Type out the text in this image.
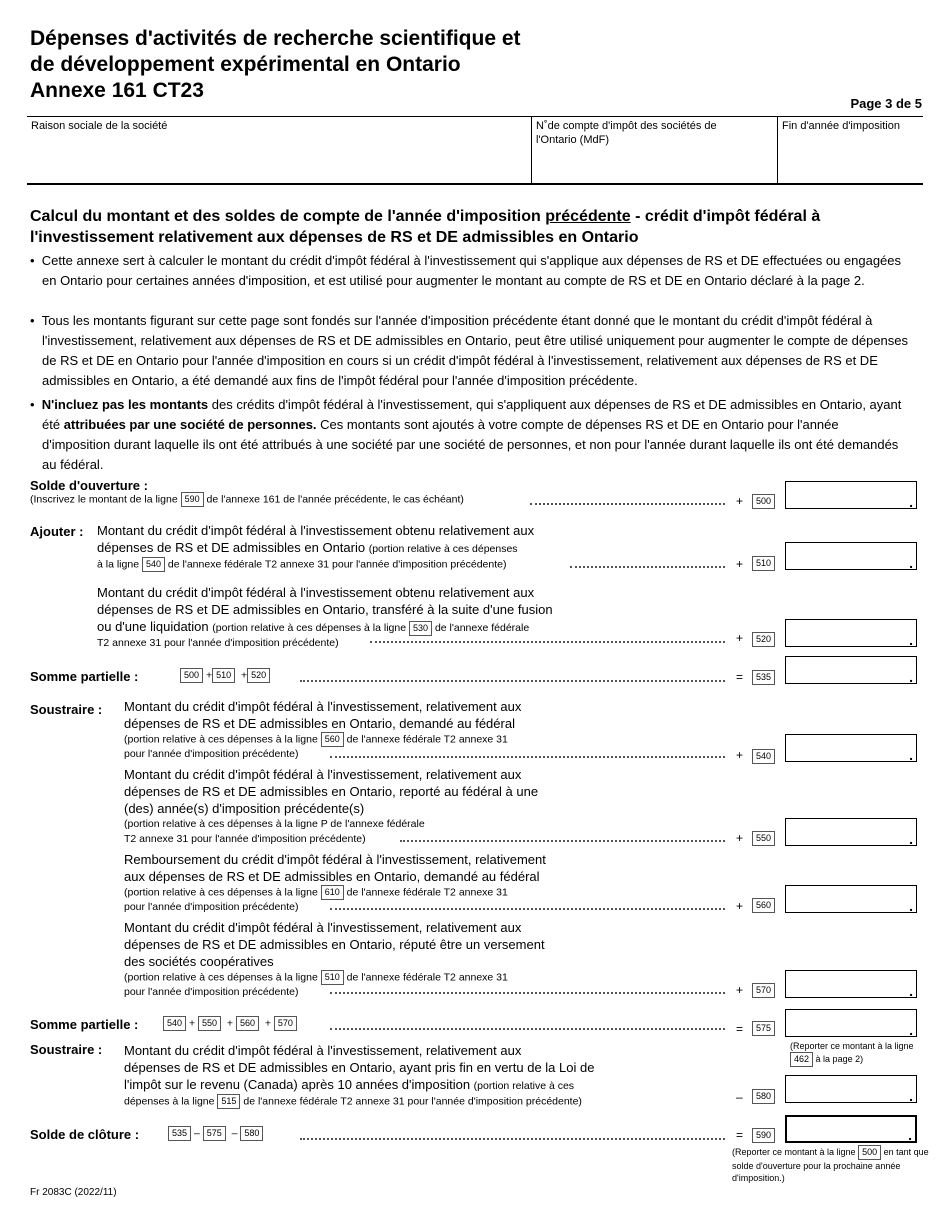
Dépenses d'activités de recherche scientifique et
de développement expérimental en Ontario
Annexe 161 CT23
Page 3 de 5
Raison sociale de la société	N˚de compte d'impôt des sociétés de l'Ontario (MdF)
Fin d'année d'imposition
Calcul du montant et des soldes de compte de l'année d'imposition précédente - crédit d'impôt fédéral à l'investissement relativement aux dépenses de RS et DE admissibles en Ontario
•  Cette annexe sert à calculer le montant du crédit d'impôt fédéral à l'investissement qui s'applique aux dépenses de RS et DE effectuées ou engagées en Ontario pour certaines années d'imposition, et est utilisé pour augmenter le montant au compte de RS et DE en Ontario déclaré à la page 2.
•  Tous les montants figurant sur cette page sont fondés sur l'année d'imposition précédente étant donné que le montant du crédit d'impôt fédéral à l'investissement, relativement aux dépenses de RS et DE admissibles en Ontario, peut être utilisé uniquement pour augmenter le compte de dépenses de RS et DE en Ontario pour l'année d'imposition en cours si un crédit d'impôt fédéral à l'investissement, relativement aux dépenses de RS et DE admissibles en Ontario, a été demandé aux fins de l'impôt fédéral pour l'année d'imposition précédente.
•  N'incluez pas les montants des crédits d'impôt fédéral à l'investissement, qui s'appliquent aux dépenses de RS et DE admissibles en Ontario, ayant été attribuées par une société de personnes. Ces montants sont ajoutés à votre compte de dépenses RS et DE en Ontario pour l'année d'imposition durant laquelle ils ont été attribués à une société par une société de personnes, et non pour l'année durant laquelle ils ont été demandés au fédéral.
Solde d'ouverture :
(Inscrivez le montant de la ligne 590 de l'annexe 161 de l'année précédente, le cas échéant)	+	500
.
Ajouter : Montant du crédit d'impôt fédéral à l'investissement obtenu relativement aux
dépenses de RS et DE admissibles en Ontario (portion relative à ces dépenses
à la ligne 540 de l'annexe fédérale T2 annexe 31 pour l'année d'imposition précédente)	+	510
.
Montant du crédit d'impôt fédéral à l'investissement obtenu relativement aux
dépenses de RS et DE admissibles en Ontario, transféré à la suite d'une fusion
ou d'une liquidation (portion relative à ces dépenses à la ligne 530 de l'annexe fédérale
T2 annexe 31 pour l'année d'imposition précédente)	+	520
.
Somme partielle :	500 + 510 + 520	=	535
.
Soustraire : Montant du crédit d'impôt fédéral à l'investissement, relativement aux
dépenses de RS et DE admissibles en Ontario, demandé au fédéral
(portion relative à ces dépenses à la ligne 560 de l'annexe fédérale T2 annexe 31
pour l'année d'imposition précédente)	+	540
.
Montant du crédit d'impôt fédéral à l'investissement, relativement aux
dépenses de RS et DE admissibles en Ontario, reporté au fédéral à une
(des) année(s) d'imposition précédente(s)
(portion relative à ces dépenses à la ligne P de l'annexe fédérale
T2 annexe 31 pour l'année d'imposition précédente)	+	550
.
Remboursement du crédit d'impôt fédéral à l'investissement, relativement
aux dépenses de RS et DE admissibles en Ontario, demandé au fédéral
(portion relative à ces dépenses à la ligne 610 de l'annexe fédérale T2 annexe 31
pour l'année d'imposition précédente)	+	560
.
Montant du crédit d'impôt fédéral à l'investissement, relativement aux
dépenses de RS et DE admissibles en Ontario, réputé être un versement
des sociétés coopératives
(portion relative à ces dépenses à la ligne 510 de l'annexe fédérale T2 annexe 31
pour l'année d'imposition précédente)	+	570
.
Somme partielle :	540 + 550 + 560 + 570	=	575
.
(Reporter ce montant à la ligne
462 à la page 2)
Soustraire : Montant du crédit d'impôt fédéral à l'investissement, relativement aux
dépenses de RS et DE admissibles en Ontario, ayant pris fin en vertu de la Loi de
l'impôt sur le revenu (Canada) après 10 années d'imposition (portion relative à ces
dépenses à la ligne 515 de l'annexe fédérale T2 annexe 31 pour l'année d'imposition précédente)	–	580
.
Solde de clôture :	535 – 575 – 580	=	590
.
(Reporter ce montant à la ligne 500 en tant que solde d'ouverture pour la prochaine année d'imposition.)
Fr 2083C (2022/11)
